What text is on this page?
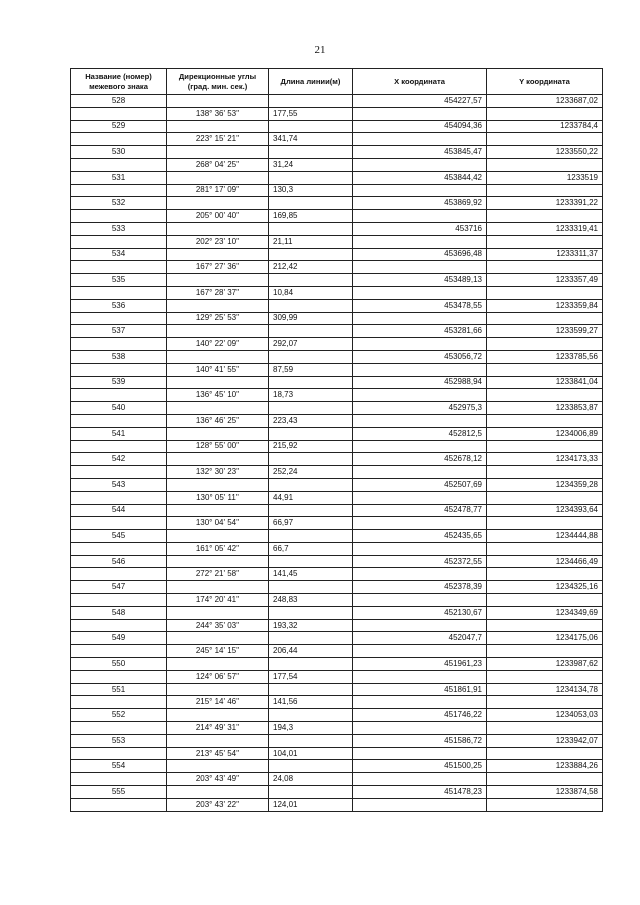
21
Название (номер) межевого знака	Дирекционные углы (град. мин. сек.)	Длина линии(м)	X координата	Y координата
528			454227,57	1233687,02
	138° 36' 53''	177,55		
529			454094,36	1233784,4
	223° 15' 21''	341,74		
530			453845,47	1233550,22
	268° 04' 25''	31,24		
531			453844,42	1233519
	281° 17' 09''	130,3		
532			453869,92	1233391,22
	205° 00' 40''	169,85		
533			453716	1233319,41
	202° 23' 10''	21,11		
534			453696,48	1233311,37
	167° 27' 36''	212,42		
535			453489,13	1233357,49
	167° 28' 37''	10,84		
536			453478,55	1233359,84
	129° 25' 53''	309,99		
537			453281,66	1233599,27
	140° 22' 09''	292,07		
538			453056,72	1233785,56
	140° 41' 55''	87,59		
539			452988,94	1233841,04
	136° 45' 10''	18,73		
540			452975,3	1233853,87
	136° 46' 25''	223,43		
541			452812,5	1234006,89
	128° 55' 00''	215,92		
542			452678,12	1234173,33
	132° 30' 23''	252,24		
543			452507,69	1234359,28
	130° 05' 11''	44,91		
544			452478,77	1234393,64
	130° 04' 54''	66,97		
545			452435,65	1234444,88
	161° 05' 42''	66,7		
546			452372,55	1234466,49
	272° 21' 58''	141,45		
547			452378,39	1234325,16
	174° 20' 41''	248,83		
548			452130,67	1234349,69
	244° 35' 03''	193,32		
549			452047,7	1234175,06
	245° 14' 15''	206,44		
550			451961,23	1233987,62
	124° 06' 57''	177,54		
551			451861,91	1234134,78
	215° 14' 46''	141,56		
552			451746,22	1234053,03
	214° 49' 31''	194,3		
553			451586,72	1233942,07
	213° 45' 54''	104,01		
554			451500,25	1233884,26
	203° 43' 49''	24,08		
555			451478,23	1233874,58
	203° 43' 22''	124,01		
